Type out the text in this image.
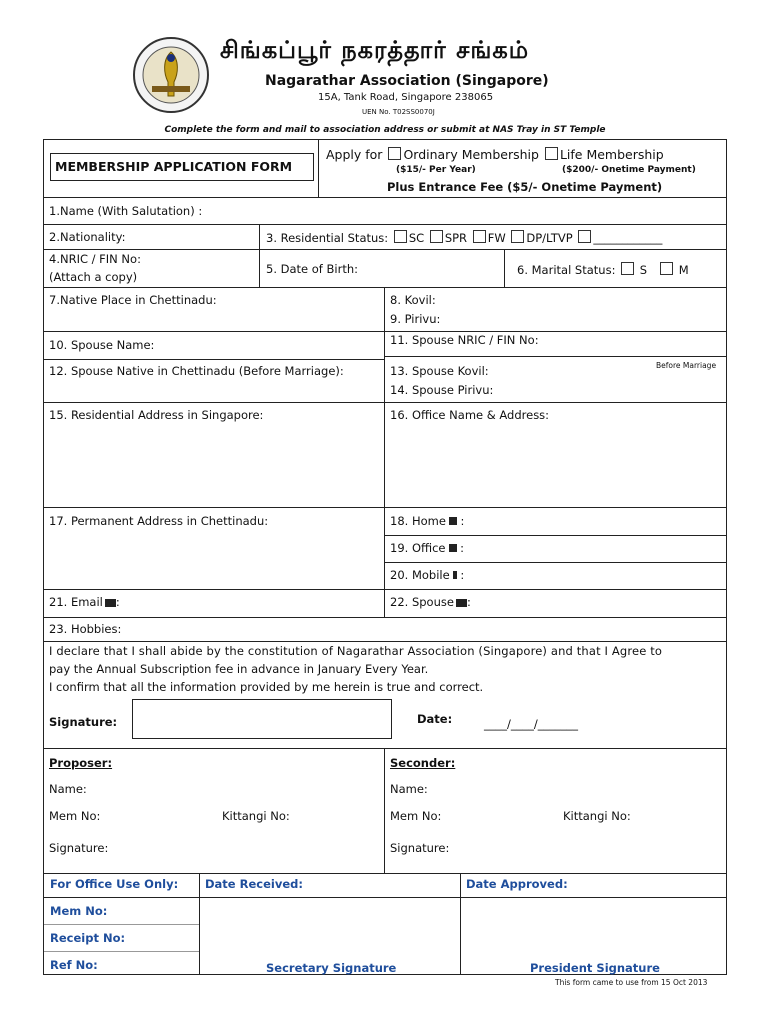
சிங்கப்பூர் நகரத்தார் சங்கம்
Nagarathar Association (Singapore)
15A, Tank Road, Singapore 238065
UEN No. T02SS0070J
Complete the form and mail to association address or submit at NAS Tray in ST Temple
MEMBERSHIP APPLICATION FORM
Apply for Ordinary Membership Life Membership
($15/- Per Year)	($200/- Onetime Payment)
Plus Entrance Fee ($5/- Onetime Payment)
1.Name (With Salutation) :
2.Nationality:	3. Residential Status: SC SPR FW DP/LTVP ____________
4.NRIC / FIN No:
(Attach a copy)
5. Date of Birth:	6. Marital Status: S	M
7.Native Place in Chettinadu:	8. Kovil:
9. Pirivu:
10. Spouse Name:	11. Spouse NRIC / FIN No:
12. Spouse Native in Chettinadu (Before Marriage):	13. Spouse Kovil:
14. Spouse Pirivu:
Before Marriage
15. Residential Address in Singapore:	16. Office Name & Address:
17. Permanent Address in Chettinadu:	18. Home :
19. Office :
20. Mobile :
21. Email :	22. Spouse :
23. Hobbies:
I declare that I shall abide by the constitution of Nagarathar Association (Singapore) and that I Agree to
pay the Annual Subscription fee in advance in January Every Year.
I confirm that all the information provided by me herein is true and correct.
Signature:	Date:	____/____/_______
Proposer:
Name:
Mem No:	Kittangi No:
Signature:
Seconder:
Name:
Mem No:	Kittangi No:
Signature:
For Office Use Only: Date Received:	Date Approved:
Mem No:
Receipt No:
Ref No:	Secretary Signature	President Signature
This form came to use from 15 Oct 2013
